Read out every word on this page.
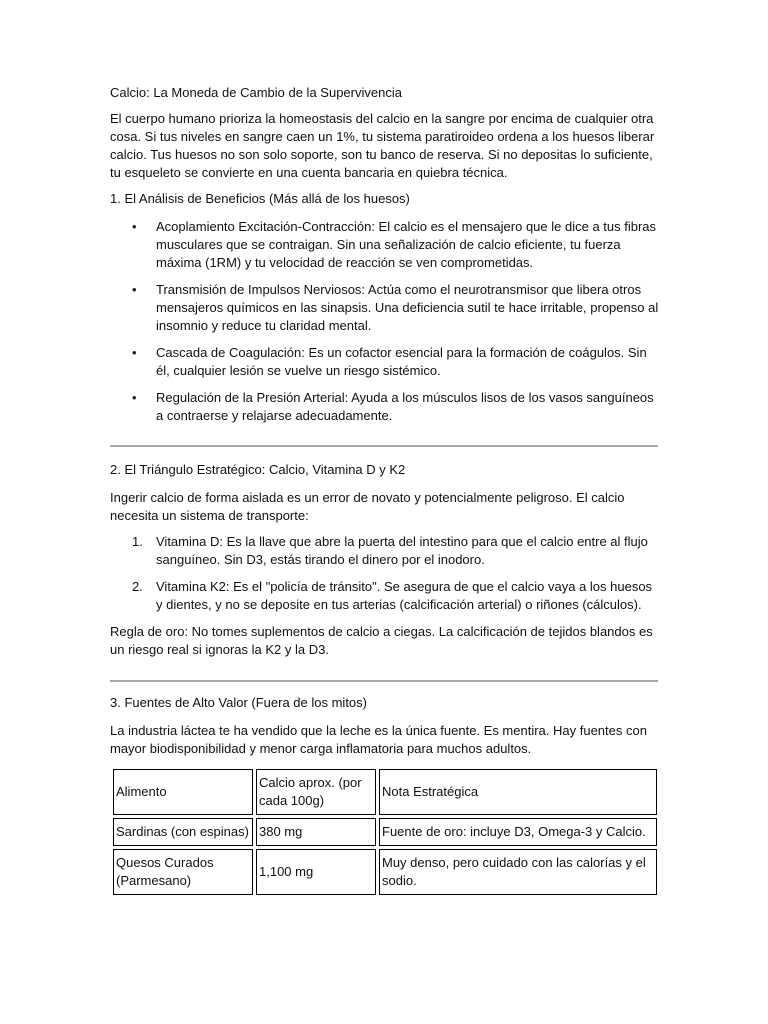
Calcio: La Moneda de Cambio de la Supervivencia

El cuerpo humano prioriza la homeostasis del calcio en la sangre por encima de cualquier otra cosa. Si tus niveles en sangre caen un 1%, tu sistema paratiroideo ordena a los huesos liberar calcio. Tus huesos no son solo soporte, son tu banco de reserva. Si no depositas lo suficiente, tu esqueleto se convierte en una cuenta bancaria en quiebra técnica.

1. El Análisis de Beneficios (Más allá de los huesos)

• Acoplamiento Excitación-Contracción: El calcio es el mensajero que le dice a tus fibras musculares que se contraigan. Sin una señalización de calcio eficiente, tu fuerza máxima (1RM) y tu velocidad de reacción se ven comprometidas.
• Transmisión de Impulsos Nerviosos: Actúa como el neurotransmisor que libera otros mensajeros químicos en las sinapsis. Una deficiencia sutil te hace irritable, propenso al insomnio y reduce tu claridad mental.
• Cascada de Coagulación: Es un cofactor esencial para la formación de coágulos. Sin él, cualquier lesión se vuelve un riesgo sistémico.
• Regulación de la Presión Arterial: Ayuda a los músculos lisos de los vasos sanguíneos a contraerse y relajarse adecuadamente.

2. El Triángulo Estratégico: Calcio, Vitamina D y K2

Ingerir calcio de forma aislada es un error de novato y potencialmente peligroso. El calcio necesita un sistema de transporte:

1. Vitamina D: Es la llave que abre la puerta del intestino para que el calcio entre al flujo sanguíneo. Sin D3, estás tirando el dinero por el inodoro.
2. Vitamina K2: Es el "policía de tránsito". Se asegura de que el calcio vaya a los huesos y dientes, y no se deposite en tus arterias (calcificación arterial) o riñones (cálculos).

Regla de oro: No tomes suplementos de calcio a ciegas. La calcificación de tejidos blandos es un riesgo real si ignoras la K2 y la D3.

3. Fuentes de Alto Valor (Fuera de los mitos)

La industria láctea te ha vendido que la leche es la única fuente. Es mentira. Hay fuentes con mayor biodisponibilidad y menor carga inflamatoria para muchos adultos.

Alimento	Calcio aprox. (por cada 100g)	Nota Estratégica
Sardinas (con espinas)	380 mg	Fuente de oro: incluye D3, Omega-3 y Calcio.
Quesos Curados (Parmesano)	1,100 mg	Muy denso, pero cuidado con las calorías y el sodio.
